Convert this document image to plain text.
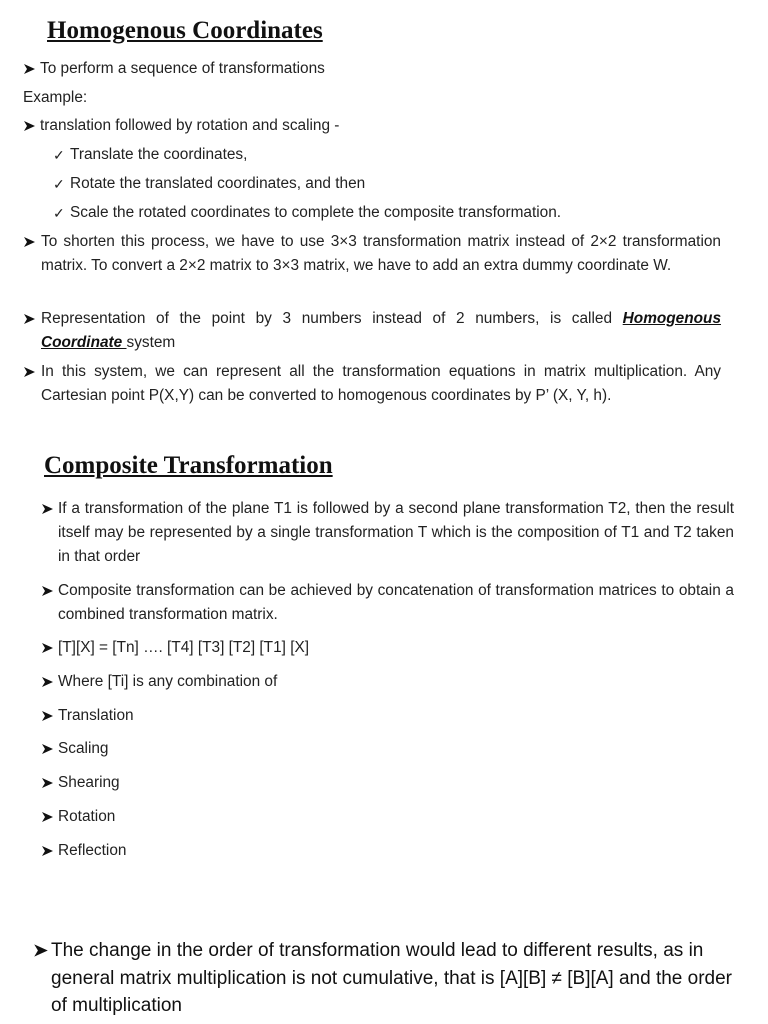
Homogenous Coordinates
To perform a sequence of transformations
Example:
translation followed by rotation and scaling -
✓ Translate the coordinates,
✓ Rotate the translated coordinates, and then
✓ Scale the rotated coordinates to complete the composite transformation.
To shorten this process, we have to use 3×3 transformation matrix instead of 2×2 transformation matrix. To convert a 2×2 matrix to 3×3 matrix, we have to add an extra dummy coordinate W.
Representation of the point by 3 numbers instead of 2 numbers, is called Homogenous Coordinate system
In this system, we can represent all the transformation equations in matrix multiplication. Any Cartesian point P(X,Y) can be converted to homogenous coordinates by P’ (X, Y, h).
Composite Transformation
If a transformation of the plane T1 is followed by a second plane transformation T2, then the result itself may be represented by a single transformation T which is the composition of T1 and T2 taken in that order
Composite transformation can be achieved by concatenation of transformation matrices to obtain a combined transformation matrix.
[T][X] = [Tn] …. [T4] [T3] [T2] [T1] [X]
Where [Ti] is any combination of
Translation
Scaling
Shearing
Rotation
Reflection
The change in the order of transformation would lead to different results, as in general matrix multiplication is not cumulative, that is [A][B] ≠ [B][A] and the order of multiplication
